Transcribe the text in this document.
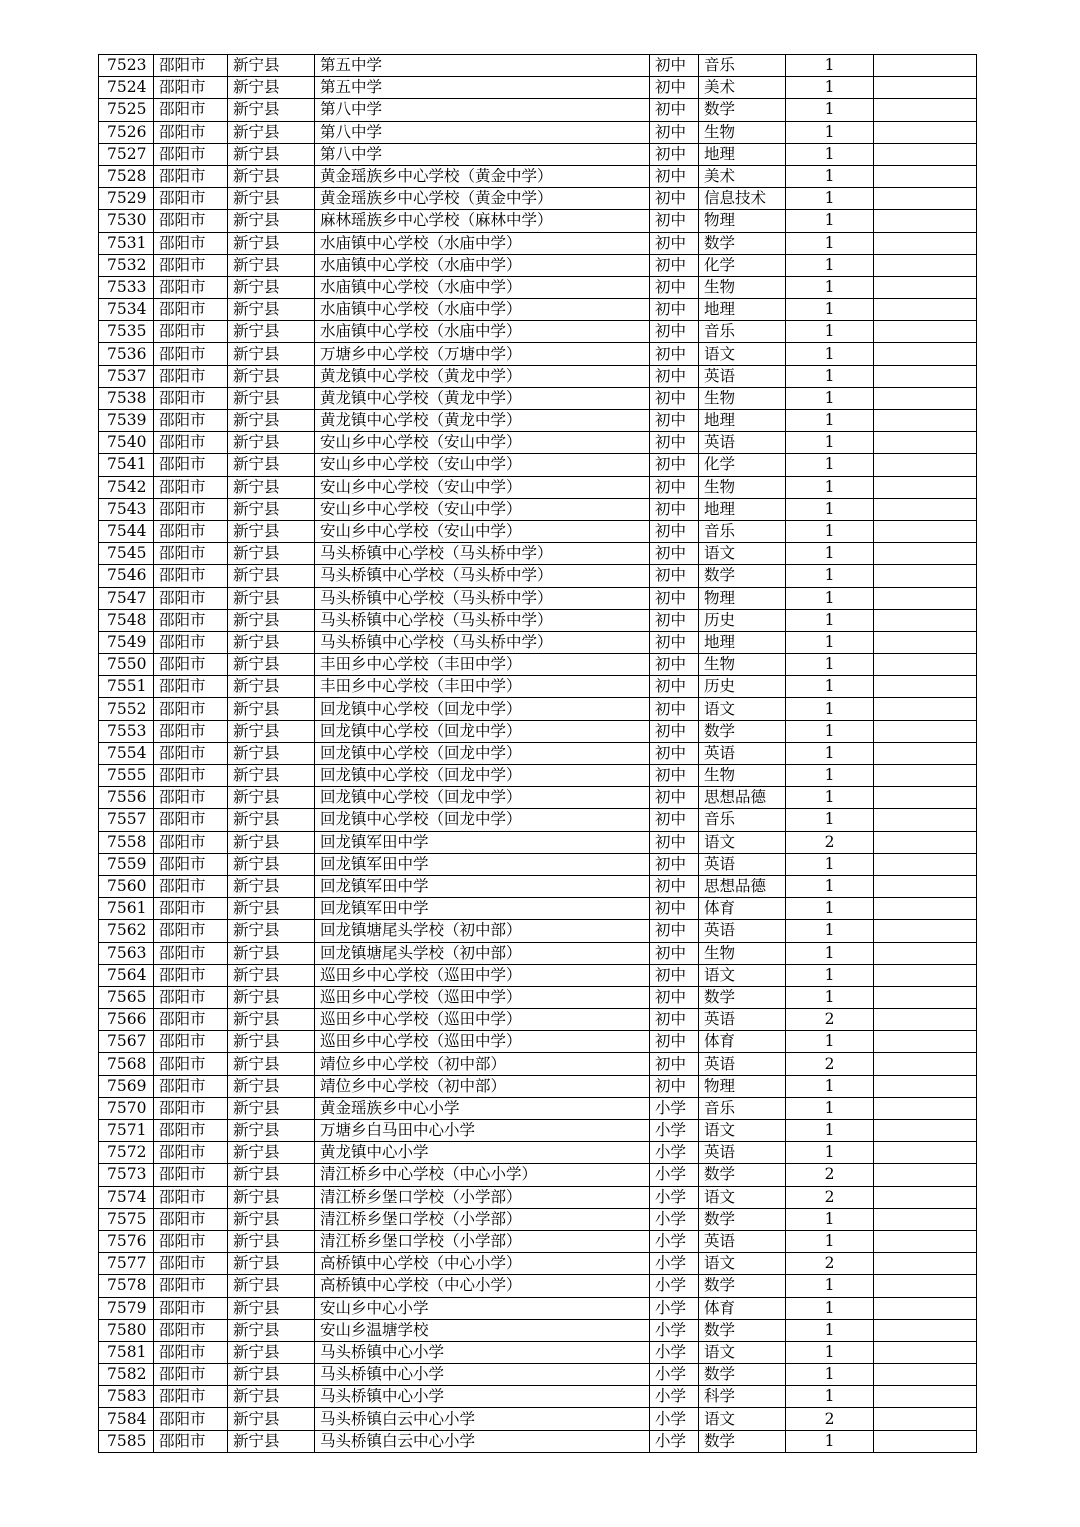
7523	邵阳市	新宁县	第五中学	初中	音乐	1	
7524	邵阳市	新宁县	第五中学	初中	美术	1	
7525	邵阳市	新宁县	第八中学	初中	数学	1	
7526	邵阳市	新宁县	第八中学	初中	生物	1	
7527	邵阳市	新宁县	第八中学	初中	地理	1	
7528	邵阳市	新宁县	黄金瑶族乡中心学校（黄金中学）	初中	美术	1	
7529	邵阳市	新宁县	黄金瑶族乡中心学校（黄金中学）	初中	信息技术	1	
7530	邵阳市	新宁县	麻林瑶族乡中心学校（麻林中学）	初中	物理	1	
7531	邵阳市	新宁县	水庙镇中心学校（水庙中学）	初中	数学	1	
7532	邵阳市	新宁县	水庙镇中心学校（水庙中学）	初中	化学	1	
7533	邵阳市	新宁县	水庙镇中心学校（水庙中学）	初中	生物	1	
7534	邵阳市	新宁县	水庙镇中心学校（水庙中学）	初中	地理	1	
7535	邵阳市	新宁县	水庙镇中心学校（水庙中学）	初中	音乐	1	
7536	邵阳市	新宁县	万塘乡中心学校（万塘中学）	初中	语文	1	
7537	邵阳市	新宁县	黄龙镇中心学校（黄龙中学）	初中	英语	1	
7538	邵阳市	新宁县	黄龙镇中心学校（黄龙中学）	初中	生物	1	
7539	邵阳市	新宁县	黄龙镇中心学校（黄龙中学）	初中	地理	1	
7540	邵阳市	新宁县	安山乡中心学校（安山中学）	初中	英语	1	
7541	邵阳市	新宁县	安山乡中心学校（安山中学）	初中	化学	1	
7542	邵阳市	新宁县	安山乡中心学校（安山中学）	初中	生物	1	
7543	邵阳市	新宁县	安山乡中心学校（安山中学）	初中	地理	1	
7544	邵阳市	新宁县	安山乡中心学校（安山中学）	初中	音乐	1	
7545	邵阳市	新宁县	马头桥镇中心学校（马头桥中学）	初中	语文	1	
7546	邵阳市	新宁县	马头桥镇中心学校（马头桥中学）	初中	数学	1	
7547	邵阳市	新宁县	马头桥镇中心学校（马头桥中学）	初中	物理	1	
7548	邵阳市	新宁县	马头桥镇中心学校（马头桥中学）	初中	历史	1	
7549	邵阳市	新宁县	马头桥镇中心学校（马头桥中学）	初中	地理	1	
7550	邵阳市	新宁县	丰田乡中心学校（丰田中学）	初中	生物	1	
7551	邵阳市	新宁县	丰田乡中心学校（丰田中学）	初中	历史	1	
7552	邵阳市	新宁县	回龙镇中心学校（回龙中学）	初中	语文	1	
7553	邵阳市	新宁县	回龙镇中心学校（回龙中学）	初中	数学	1	
7554	邵阳市	新宁县	回龙镇中心学校（回龙中学）	初中	英语	1	
7555	邵阳市	新宁县	回龙镇中心学校（回龙中学）	初中	生物	1	
7556	邵阳市	新宁县	回龙镇中心学校（回龙中学）	初中	思想品德	1	
7557	邵阳市	新宁县	回龙镇中心学校（回龙中学）	初中	音乐	1	
7558	邵阳市	新宁县	回龙镇军田中学	初中	语文	2	
7559	邵阳市	新宁县	回龙镇军田中学	初中	英语	1	
7560	邵阳市	新宁县	回龙镇军田中学	初中	思想品德	1	
7561	邵阳市	新宁县	回龙镇军田中学	初中	体育	1	
7562	邵阳市	新宁县	回龙镇塘尾头学校（初中部）	初中	英语	1	
7563	邵阳市	新宁县	回龙镇塘尾头学校（初中部）	初中	生物	1	
7564	邵阳市	新宁县	巡田乡中心学校（巡田中学）	初中	语文	1	
7565	邵阳市	新宁县	巡田乡中心学校（巡田中学）	初中	数学	1	
7566	邵阳市	新宁县	巡田乡中心学校（巡田中学）	初中	英语	2	
7567	邵阳市	新宁县	巡田乡中心学校（巡田中学）	初中	体育	1	
7568	邵阳市	新宁县	靖位乡中心学校（初中部）	初中	英语	2	
7569	邵阳市	新宁县	靖位乡中心学校（初中部）	初中	物理	1	
7570	邵阳市	新宁县	黄金瑶族乡中心小学	小学	音乐	1	
7571	邵阳市	新宁县	万塘乡白马田中心小学	小学	语文	1	
7572	邵阳市	新宁县	黄龙镇中心小学	小学	英语	1	
7573	邵阳市	新宁县	清江桥乡中心学校（中心小学）	小学	数学	2	
7574	邵阳市	新宁县	清江桥乡堡口学校（小学部）	小学	语文	2	
7575	邵阳市	新宁县	清江桥乡堡口学校（小学部）	小学	数学	1	
7576	邵阳市	新宁县	清江桥乡堡口学校（小学部）	小学	英语	1	
7577	邵阳市	新宁县	高桥镇中心学校（中心小学）	小学	语文	2	
7578	邵阳市	新宁县	高桥镇中心学校（中心小学）	小学	数学	1	
7579	邵阳市	新宁县	安山乡中心小学	小学	体育	1	
7580	邵阳市	新宁县	安山乡温塘学校	小学	数学	1	
7581	邵阳市	新宁县	马头桥镇中心小学	小学	语文	1	
7582	邵阳市	新宁县	马头桥镇中心小学	小学	数学	1	
7583	邵阳市	新宁县	马头桥镇中心小学	小学	科学	1	
7584	邵阳市	新宁县	马头桥镇白云中心小学	小学	语文	2	
7585	邵阳市	新宁县	马头桥镇白云中心小学	小学	数学	1	
